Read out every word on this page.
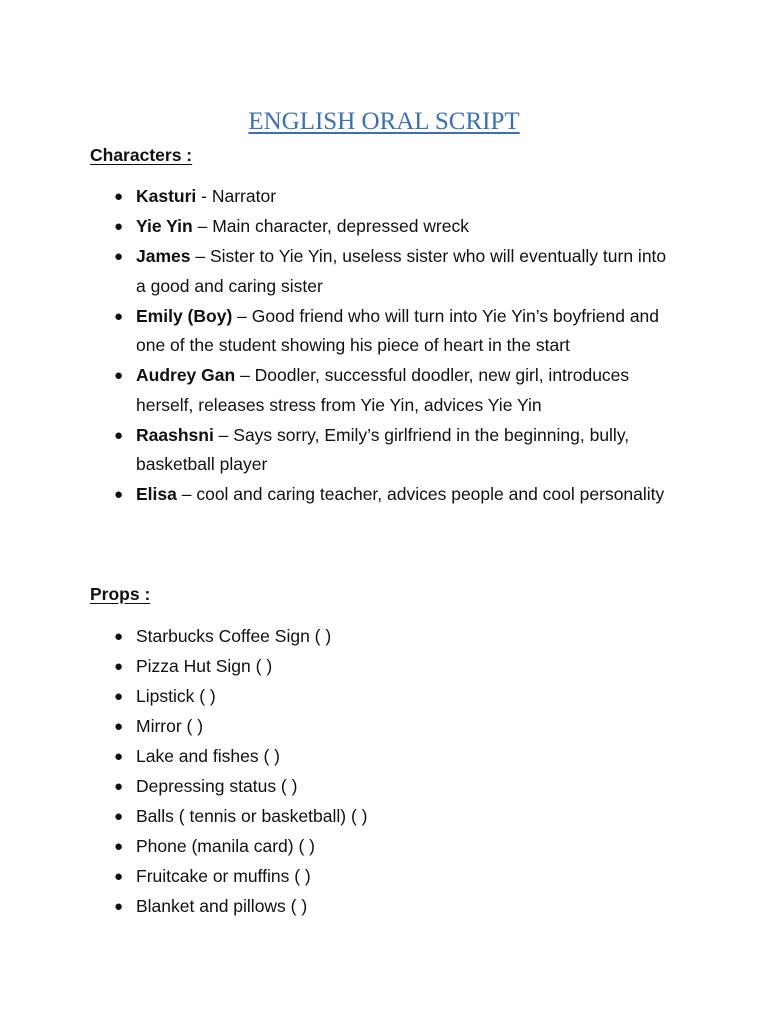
ENGLISH ORAL SCRIPT
Characters :
● Kasturi - Narrator
● Yie Yin – Main character, depressed wreck
● James – Sister to Yie Yin, useless sister who will eventually turn into a good and caring sister
● Emily (Boy) – Good friend who will turn into Yie Yin’s boyfriend and one of the student showing his piece of heart in the start
● Audrey Gan – Doodler, successful doodler, new girl, introduces herself, releases stress from Yie Yin, advices Yie Yin
● Raashsni – Says sorry, Emily’s girlfriend in the beginning, bully, basketball player
● Elisa – cool and caring teacher, advices people and cool personality
Props :
● Starbucks Coffee Sign ( )
● Pizza Hut Sign ( )
● Lipstick ( )
● Mirror ( )
● Lake and fishes ( )
● Depressing status ( )
● Balls ( tennis or basketball) ( )
● Phone (manila card) ( )
● Fruitcake or muffins ( )
● Blanket and pillows ( )
